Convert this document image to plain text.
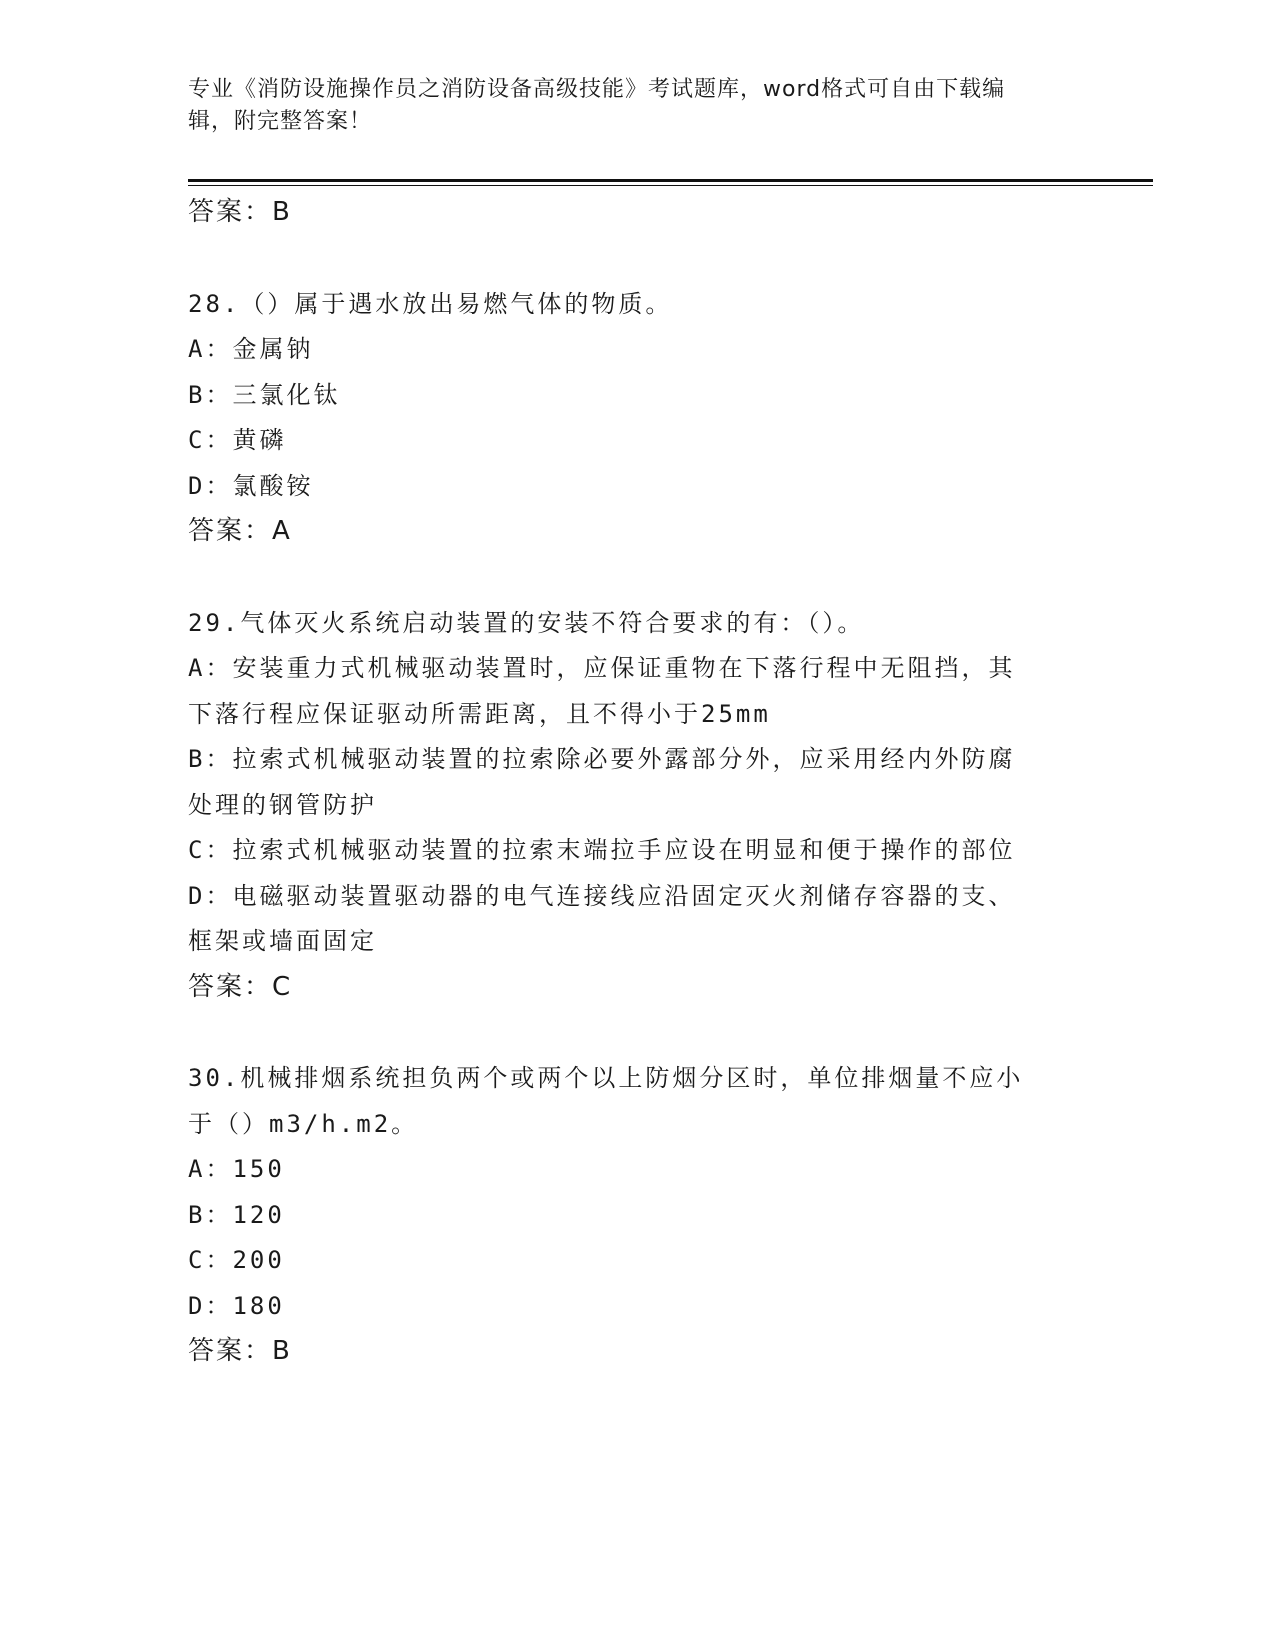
专业《消防设施操作员之消防设备高级技能》考试题库，word格式可自由下载编
辑，附完整答案！
答案：B
28.（）属于遇水放出易燃气体的物质。
A：金属钠
B：三氯化钛
C：黄磷
D：氯酸铵
答案：A
29.气体灭火系统启动装置的安装不符合要求的有：（）。
A：安装重力式机械驱动装置时，应保证重物在下落行程中无阻挡，其
下落行程应保证驱动所需距离，且不得小于25mm
B：拉索式机械驱动装置的拉索除必要外露部分外，应采用经内外防腐
处理的钢管防护
C：拉索式机械驱动装置的拉索末端拉手应设在明显和便于操作的部位
D：电磁驱动装置驱动器的电气连接线应沿固定灭火剂储存容器的支、
框架或墙面固定
答案：C
30.机械排烟系统担负两个或两个以上防烟分区时，单位排烟量不应小
于（）m3/h.m2。
A：150
B：120
C：200
D：180
答案：B
